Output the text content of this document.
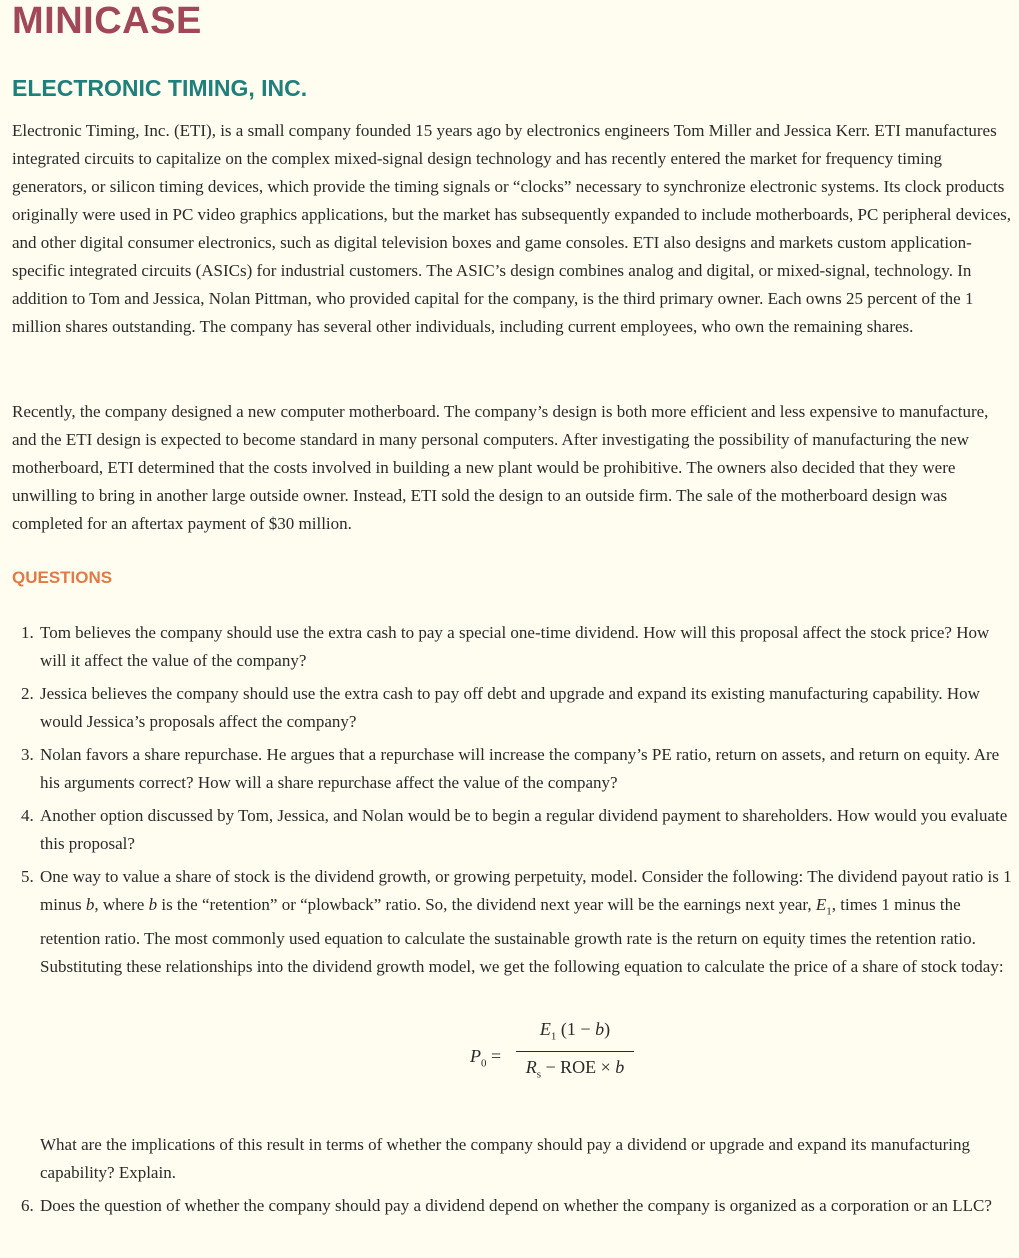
MINICASE
ELECTRONIC TIMING, INC.

Electronic Timing, Inc. (ETI), is a small company founded 15 years ago by electronics engineers Tom Miller and Jessica Kerr. ETI manufactures integrated circuits to capitalize on the complex mixed-signal design technology and has recently entered the market for frequency timing generators, or silicon timing devices, which provide the timing signals or “clocks” necessary to synchronize electronic systems. Its clock products originally were used in PC video graphics applications, but the market has subsequently expanded to include motherboards, PC peripheral devices, and other digital consumer electronics, such as digital television boxes and game consoles. ETI also designs and markets custom application-specific integrated circuits (ASICs) for industrial customers. The ASIC’s design combines analog and digital, or mixed-signal, technology. In addition to Tom and Jessica, Nolan Pittman, who provided capital for the company, is the third primary owner. Each owns 25 percent of the 1 million shares outstanding. The company has several other individuals, including current employees, who own the remaining shares.

Recently, the company designed a new computer motherboard. The company’s design is both more efficient and less expensive to manufacture, and the ETI design is expected to become standard in many personal computers. After investigating the possibility of manufacturing the new motherboard, ETI determined that the costs involved in building a new plant would be prohibitive. The owners also decided that they were unwilling to bring in another large outside owner. Instead, ETI sold the design to an outside firm. The sale of the motherboard design was completed for an aftertax payment of $30 million.

QUESTIONS
1. Tom believes the company should use the extra cash to pay a special one-time dividend. How will this proposal affect the stock price? How will it affect the value of the company?
2. Jessica believes the company should use the extra cash to pay off debt and upgrade and expand its existing manufacturing capability. How would Jessica’s proposals affect the company?
3. Nolan favors a share repurchase. He argues that a repurchase will increase the company’s PE ratio, return on assets, and return on equity. Are his arguments correct? How will a share repurchase affect the value of the company?
4. Another option discussed by Tom, Jessica, and Nolan would be to begin a regular dividend payment to shareholders. How would you evaluate this proposal?
5. One way to value a share of stock is the dividend growth, or growing perpetuity, model. Consider the following: The dividend payout ratio is 1 minus b, where b is the “retention” or “plowback” ratio. So, the dividend next year will be the earnings next year, $E_1$, times 1 minus the retention ratio. The most commonly used equation to calculate the sustainable growth rate is the return on equity times the retention ratio. Substituting these relationships into the dividend growth model, we get the following equation to calculate the price of a share of stock today:
$P_0$ =
$E_1$ (1 − b)
$R_s$ − ROE × b
What are the implications of this result in terms of whether the company should pay a dividend or upgrade and expand its manufacturing capability? Explain.
6. Does the question of whether the company should pay a dividend depend on whether the company is organized as a corporation or an LLC?
